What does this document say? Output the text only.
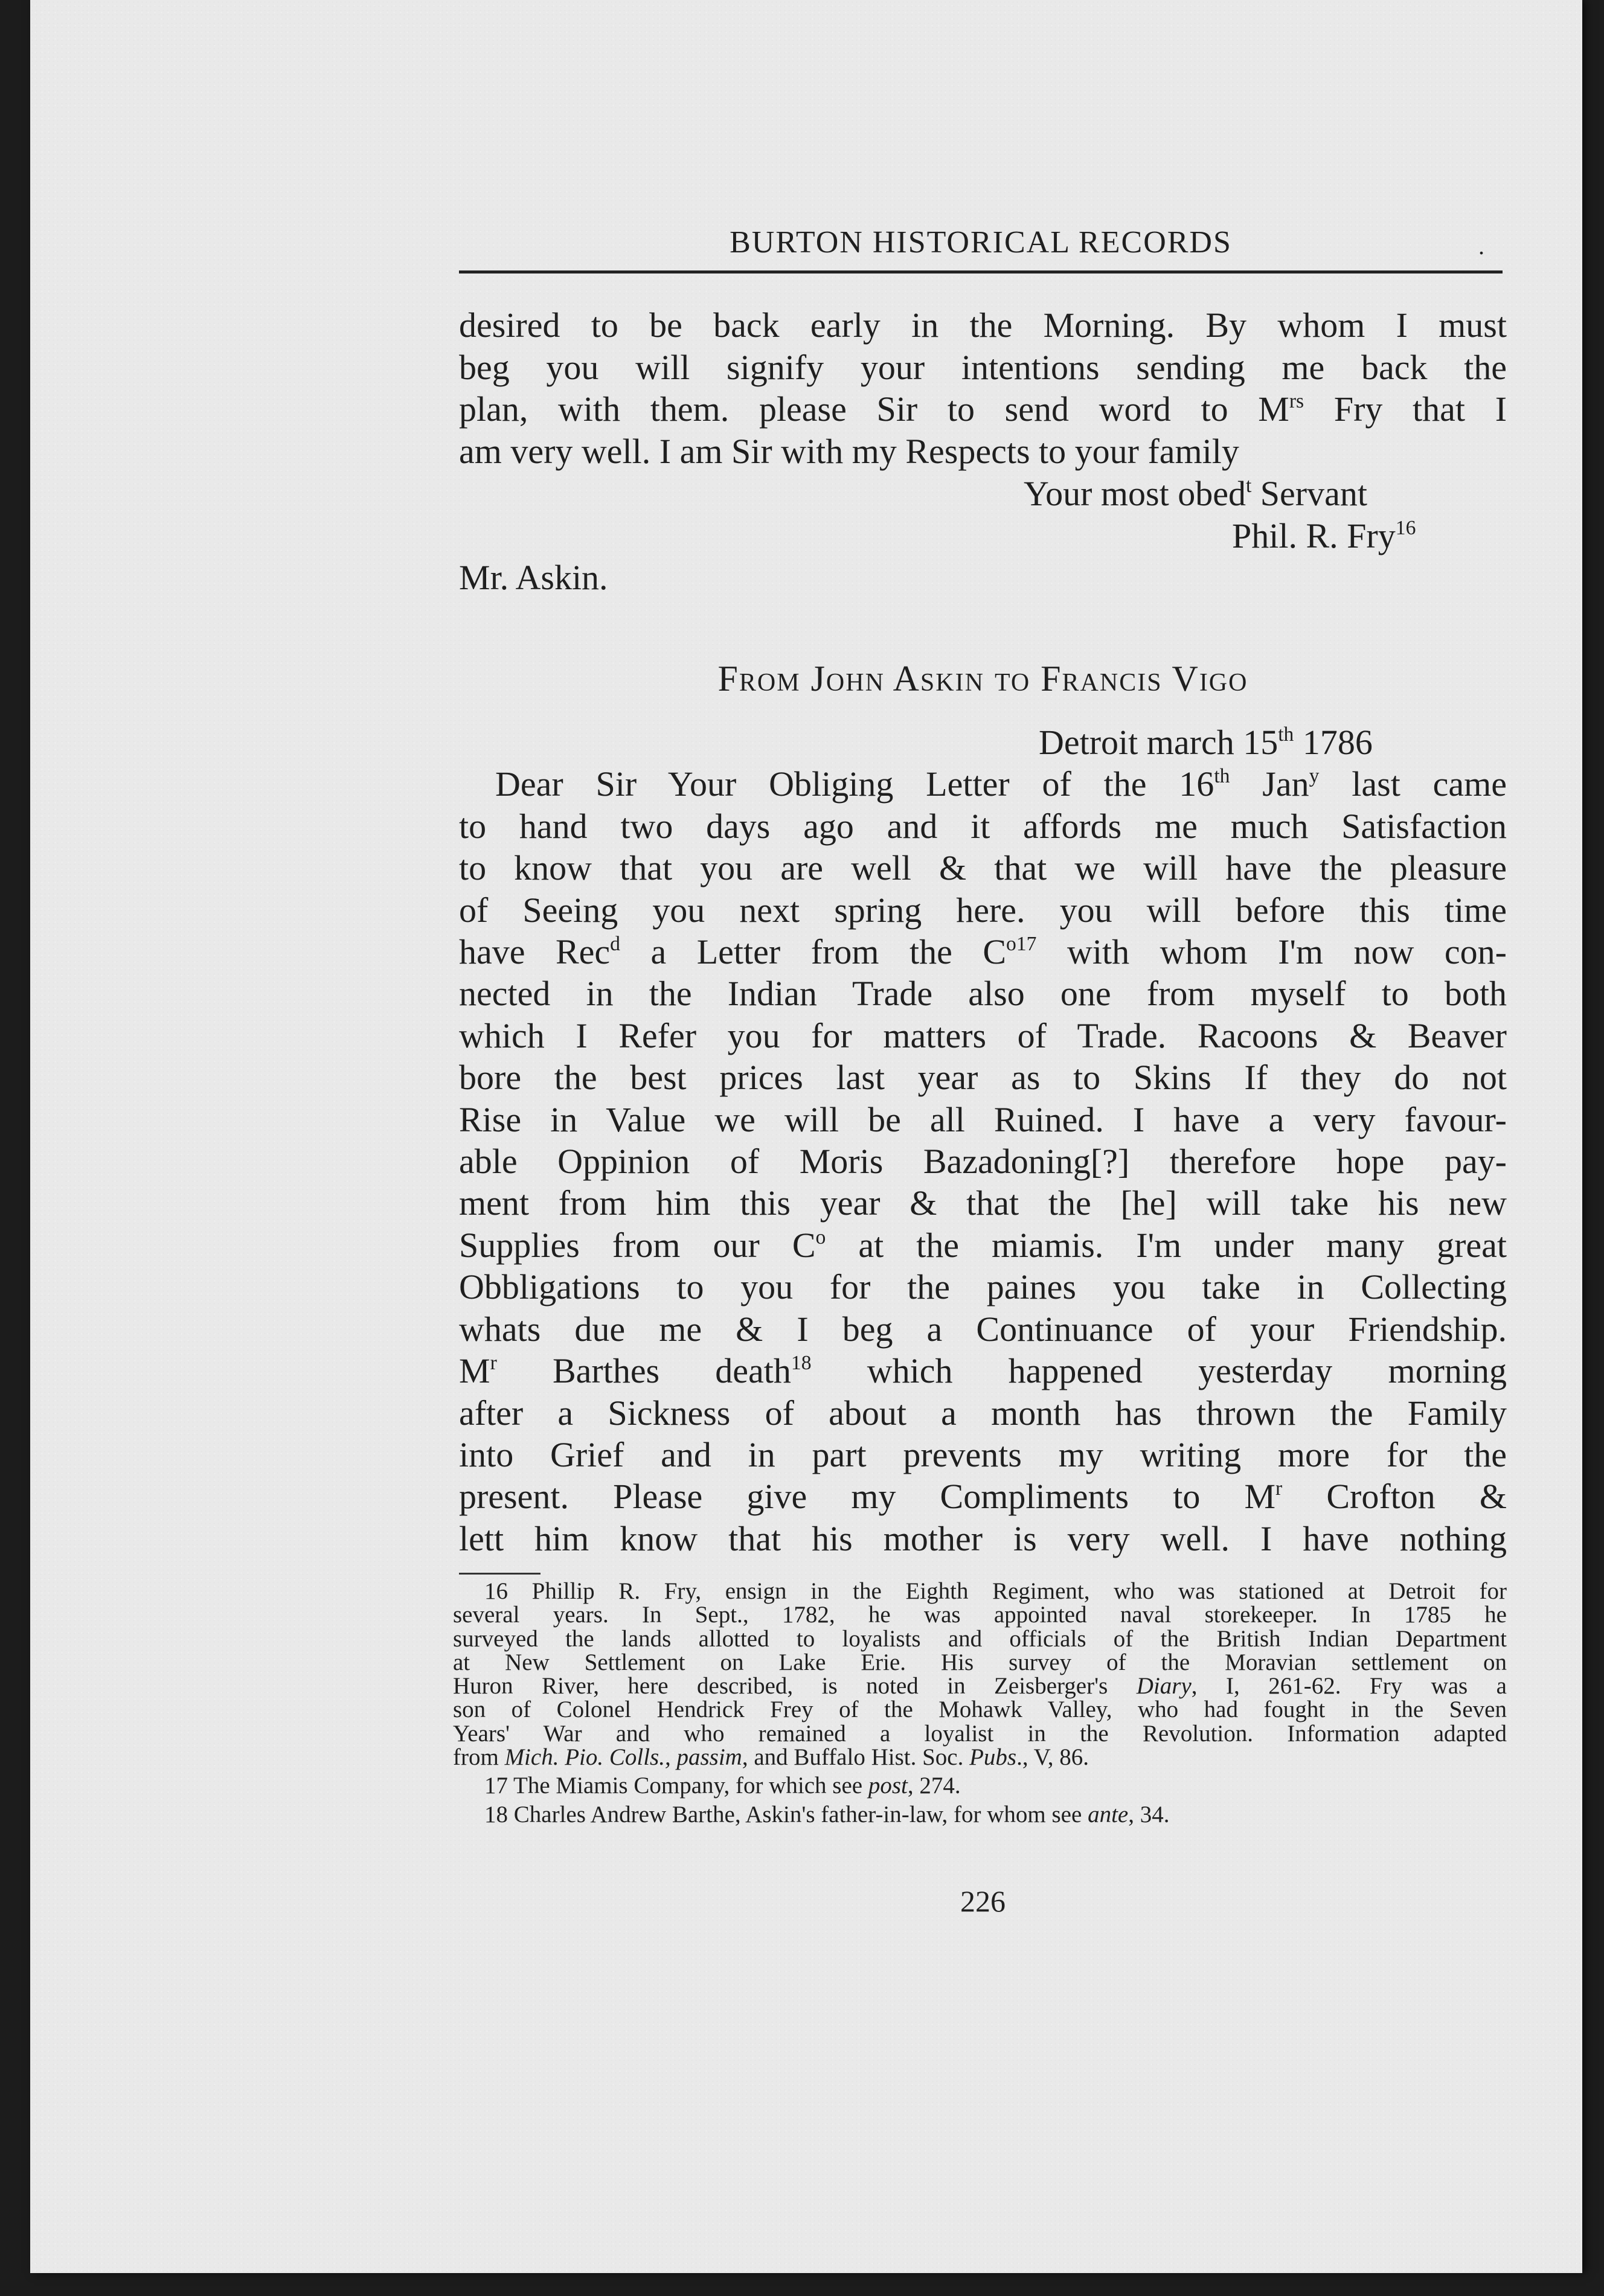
BURTON HISTORICAL RECORDS	.
desired to be back early in the Morning. By whom I must
beg you will signify your intentions sending me back the
plan, with them. please Sir to send word to $M^{rs}$ Fry that I
am very well. I am Sir with my Respects to your family
Your most obed$^t$ Servant
Phil. R. Fry$^{16}$
Mr. Askin.
From John Askin to Francis Vigo
Detroit march 15th 1786
Dear Sir Your Obliging Letter of the 16th Jan$^y$ last came
to hand two days ago and it affords me much Satisfaction
to know that you are well & that we will have the pleasure
of Seeing you next spring here. you will before this time
have Rec$^d$ a Letter from the $C^{o17}$ with whom I'm now con-
nected in the Indian Trade also one from myself to both
which I Refer you for matters of Trade. Racoons & Beaver
bore the best prices last year as to Skins If they do not
Rise in Value we will be all Ruined. I have a very favour-
able Oppinion of Moris Bazadoning[?] therefore hope pay-
ment from him this year & that the [he] will take his new
Supplies from our $C^o$ at the miamis. I'm under many great
Obbligations to you for the paines you take in Collecting
whats due me & I beg a Continuance of your Friendship.
$M^r$ Barthes death$^{18}$ which happened yesterday morning
after a Sickness of about a month has thrown the Family
into Grief and in part prevents my writing more for the
present. Please give my Compliments to $M^r$ Crofton &
lett him know that his mother is very well. I have nothing
16 Phillip R. Fry, ensign in the Eighth Regiment, who was stationed at Detroit for
several years. In Sept., 1782, he was appointed naval storekeeper. In 1785 he
surveyed the lands allotted to loyalists and officials of the British Indian Department
at New Settlement on Lake Erie. His survey of the Moravian settlement on
Huron River, here described, is noted in Zeisberger's Diary, I, 261-62. Fry was a
son of Colonel Hendrick Frey of the Mohawk Valley, who had fought in the Seven
Years' War and who remained a loyalist in the Revolution. Information adapted
from Mich. Pio. Colls., passim, and Buffalo Hist. Soc. Pubs., V, 86.
17 The Miamis Company, for which see post, 274.
18 Charles Andrew Barthe, Askin's father-in-law, for whom see ante, 34.
226
